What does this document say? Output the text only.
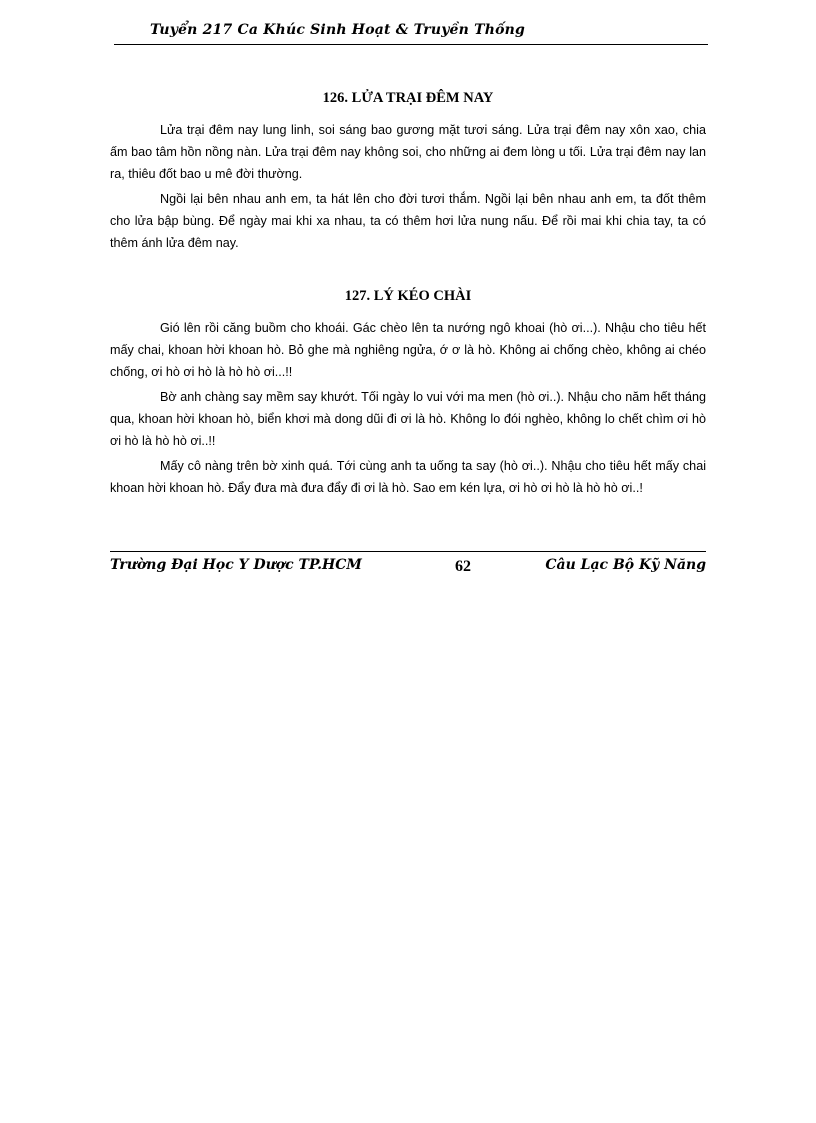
Tuyển 217 Ca Khúc Sinh Hoạt & Truyền Thống
126. LỬA TRẠI ĐÊM NAY

Lửa trại đêm nay lung linh, soi sáng bao gương mặt tươi sáng. Lửa trại đêm nay xôn xao, chia ấm bao tâm hồn nồng nàn. Lửa trại đêm nay không soi, cho những ai đem lòng u tối. Lửa trại đêm nay lan ra, thiêu đốt bao u mê đời thường.

Ngồi lại bên nhau anh em, ta hát lên cho đời tươi thắm. Ngồi lại bên nhau anh em, ta đốt thêm cho lửa bập bùng. Để ngày mai khi xa nhau, ta có thêm hơi lửa nung nấu. Để rồi mai khi chia tay, ta có thêm ánh lửa đêm nay.

127. LÝ KÉO CHÀI

Gió lên rồi căng buồm cho khoái. Gác chèo lên ta nướng ngô khoai (hò ơi...). Nhậu cho tiêu hết mấy chai, khoan hời khoan hò. Bỏ ghe mà nghiêng ngửa, ớ ơ là hò. Không ai chống chèo, không ai chéo chống, ơi hò ơi hò là hò hò ơi...!!

Bờ anh chàng say mềm say khướt. Tối ngày lo vui với ma men (hò ơi..). Nhậu cho năm hết tháng qua, khoan hời khoan hò, biển khơi mà dong dũi đi ơi là hò. Không lo đói nghèo, không lo chết chìm ơi hò ơi hò là hò hò ơi..!!

Mấy cô nàng trên bờ xinh quá. Tới cùng anh ta uống ta say (hò ơi..). Nhậu cho tiêu hết mấy chai khoan hời khoan hò. Đẩy đưa mà đưa đẩy đi ơi là hò. Sao em kén lựa, ơi hò ơi hò là hò hò ơi..!

Trường Đại Học Y Dược TP.HCM	62	Câu Lạc Bộ Kỹ Năng
